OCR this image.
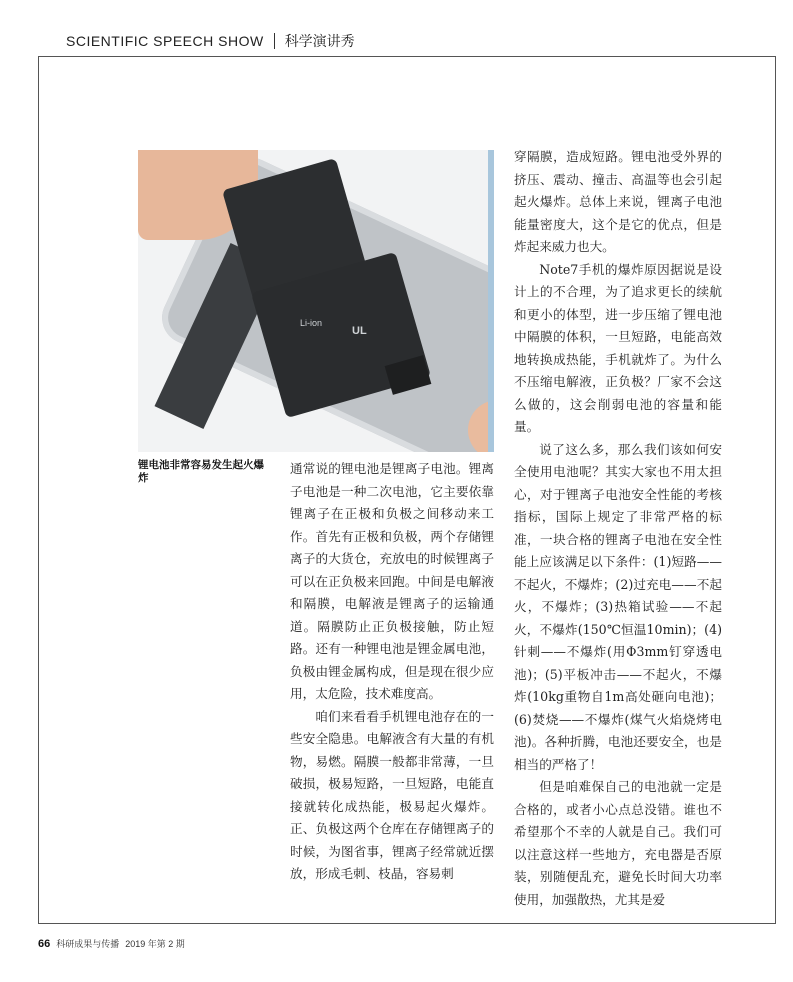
SCIENTIFIC SPEECH SHOW 科学演讲秀
Li-ion
UL
锂电池非常容易发生起火爆炸

通常说的锂电池是锂离子电池。锂离子电池是一种二次电池，它主要依靠锂离子在正极和负极之间移动来工作。首先有正极和负极，两个存储锂离子的大货仓，充放电的时候锂离子可以在正负极来回跑。中间是电解液和隔膜，电解液是锂离子的运输通道。隔膜防止正负极接触，防止短路。还有一种锂电池是锂金属电池，负极由锂金属构成，但是现在很少应用，太危险，技术难度高。

咱们来看看手机锂电池存在的一些安全隐患。电解液含有大量的有机物，易燃。隔膜一般都非常薄，一旦破损，极易短路，一旦短路，电能直接就转化成热能，极易起火爆炸。正、负极这两个仓库在存储锂离子的时候，为图省事，锂离子经常就近摆放，形成毛刺、枝晶，容易刺

穿隔膜，造成短路。锂电池受外界的挤压、震动、撞击、高温等也会引起起火爆炸。总体上来说，锂离子电池能量密度大，这个是它的优点，但是炸起来威力也大。

Note7手机的爆炸原因据说是设计上的不合理，为了追求更长的续航和更小的体型，进一步压缩了锂电池中隔膜的体积，一旦短路，电能高效地转换成热能，手机就炸了。为什么不压缩电解液，正负极？厂家不会这么做的，这会削弱电池的容量和能量。

说了这么多，那么我们该如何安全使用电池呢？其实大家也不用太担心，对于锂离子电池安全性能的考核指标，国际上规定了非常严格的标准，一块合格的锂离子电池在安全性能上应该满足以下条件：(1)短路——不起火，不爆炸；(2)过充电——不起火，不爆炸；(3)热箱试验——不起火，不爆炸(150℃恒温10min)；(4)针刺——不爆炸(用Φ3mm钉穿透电池)；(5)平板冲击——不起火，不爆炸(10kg重物自1m高处砸向电池)；(6)焚烧——不爆炸(煤气火焰烧烤电池)。各种折腾，电池还要安全，也是相当的严格了！

但是咱难保自己的电池就一定是合格的，或者小心点总没错。谁也不希望那个不幸的人就是自己。我们可以注意这样一些地方，充电器是否原装，别随便乱充，避免长时间大功率使用，加强散热，尤其是爱

66 科研成果与传播 2019 年第 2 期
